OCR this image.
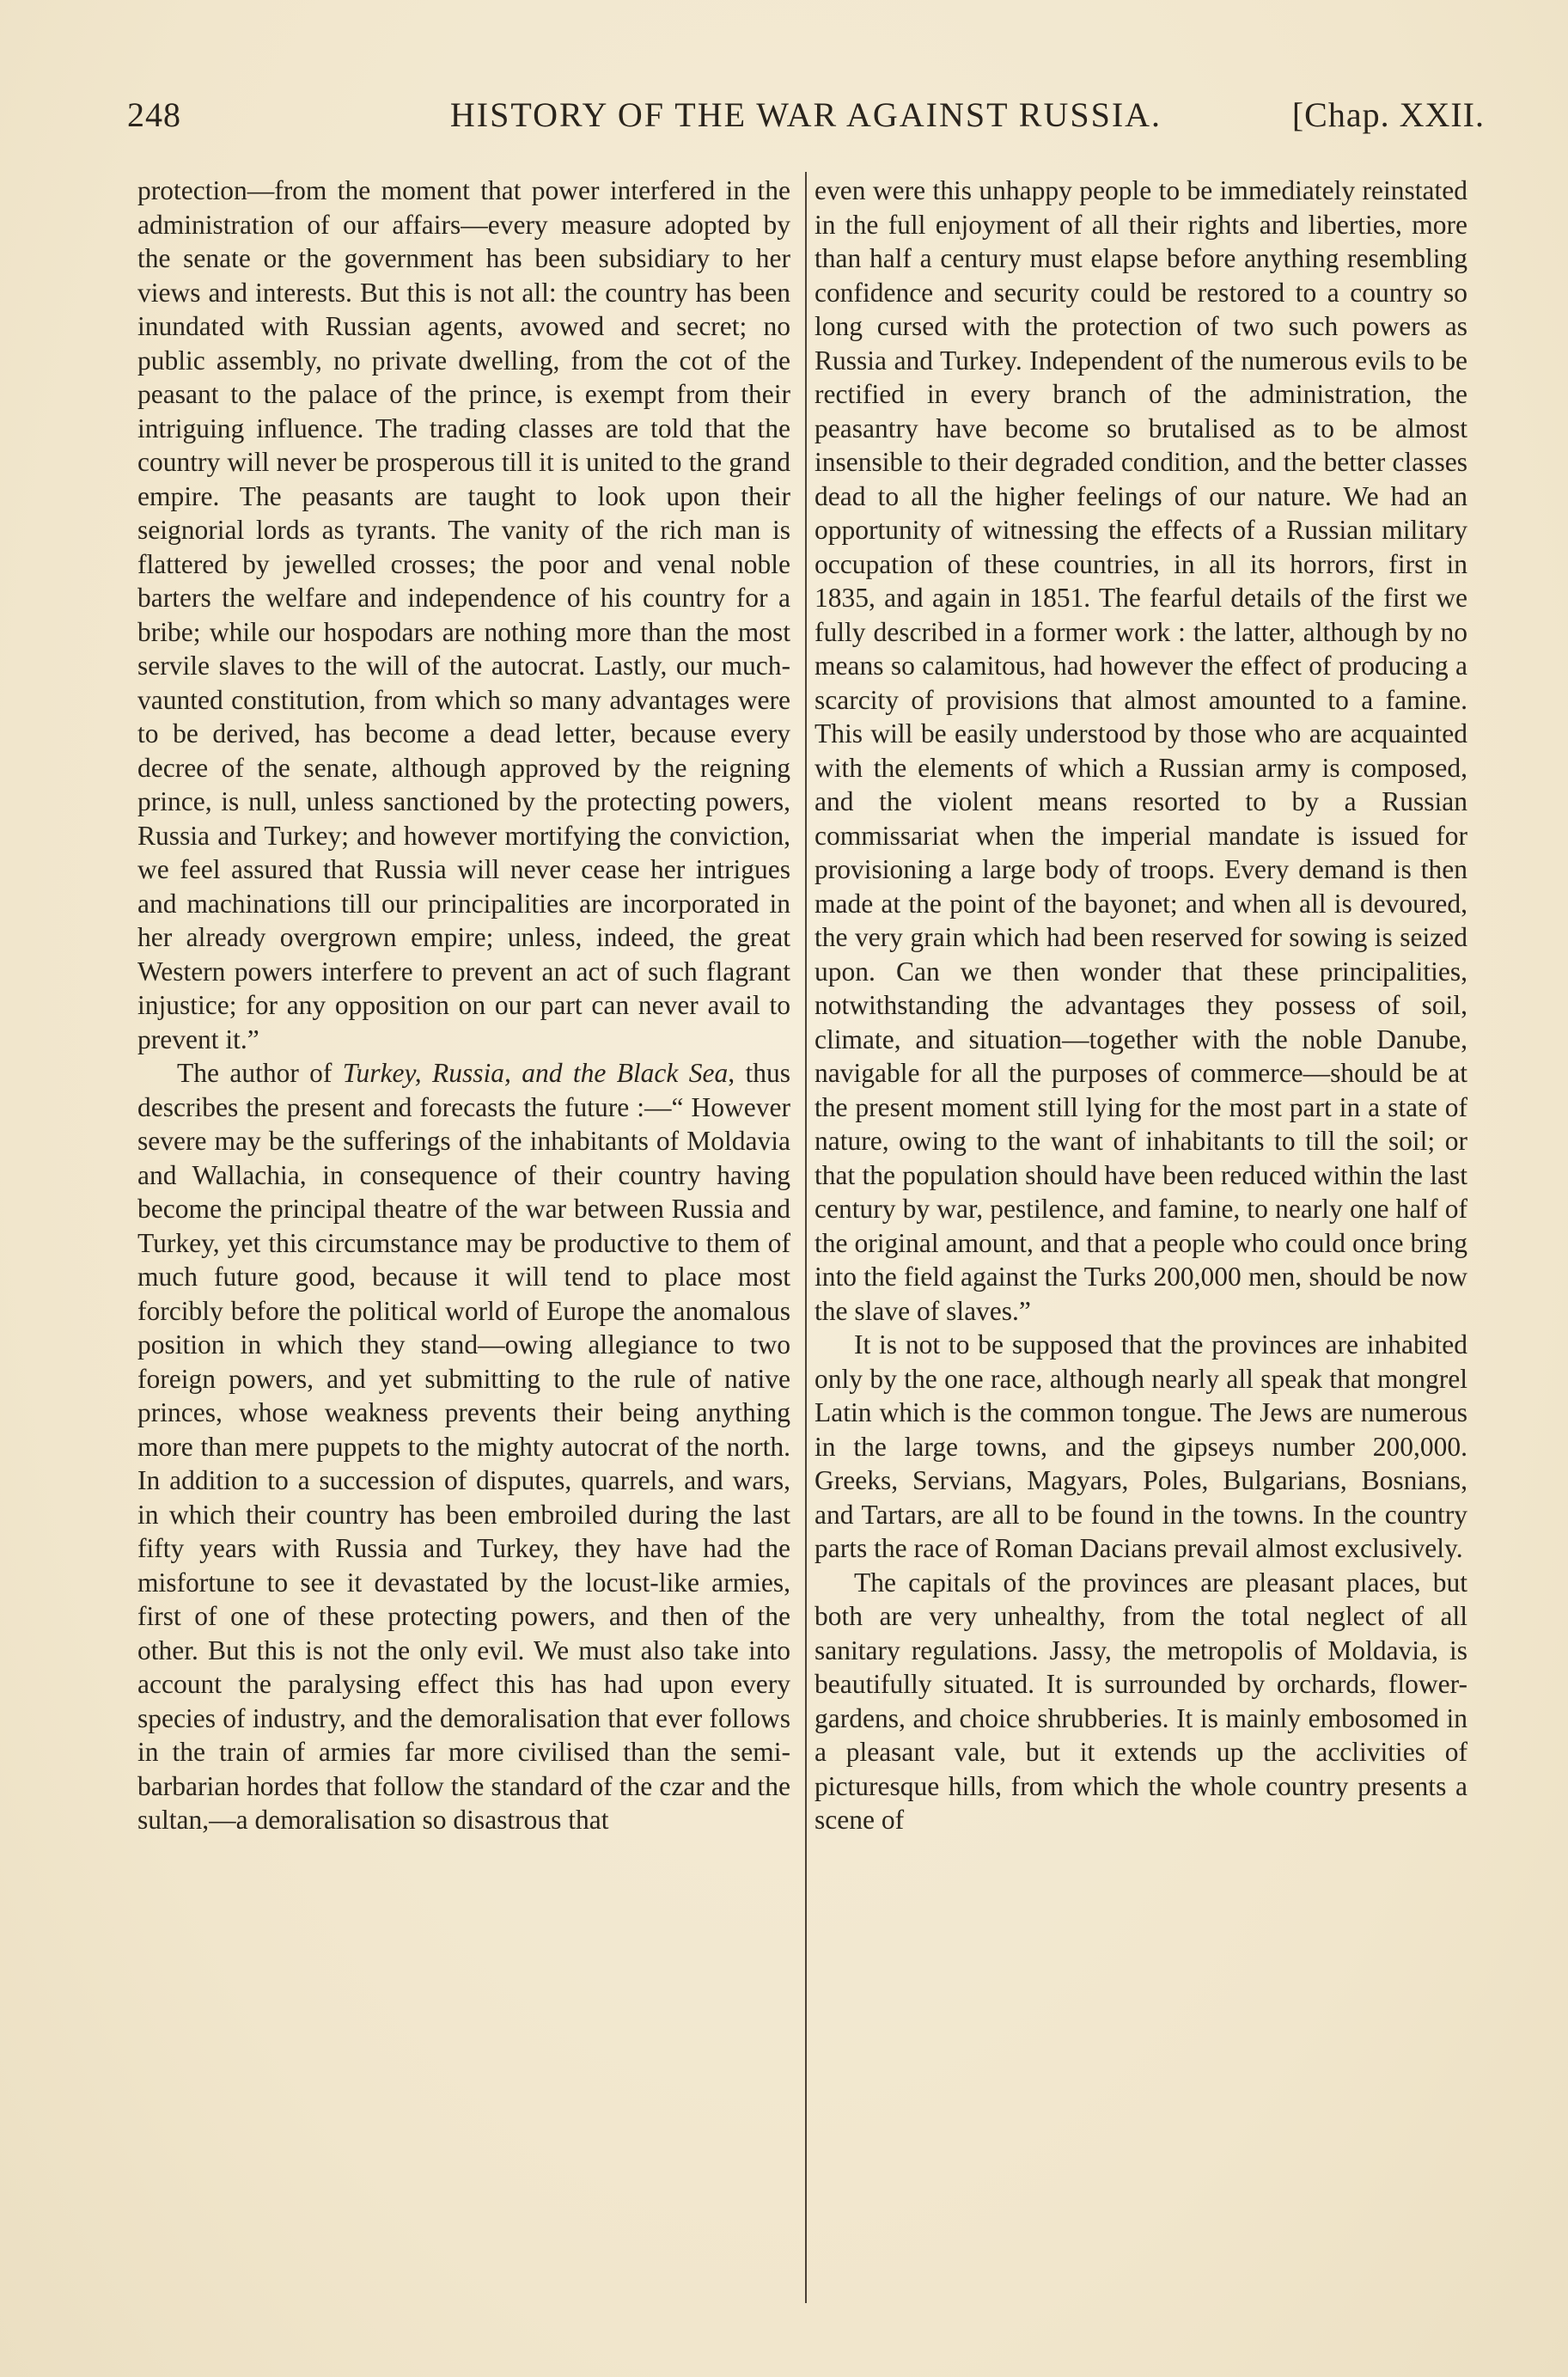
248	HISTORY OF THE WAR AGAINST RUSSIA.	[Chap. XXII.

protection—from the moment that power interfered in the administration of our affairs—every measure adopted by the senate or the government has been subsidiary to her views and interests. But this is not all: the country has been inundated with Russian agents, avowed and secret; no public assembly, no private dwelling, from the cot of the peasant to the palace of the prince, is exempt from their intriguing influence. The trading classes are told that the country will never be prosperous till it is united to the grand empire. The peasants are taught to look upon their seignorial lords as tyrants. The vanity of the rich man is flattered by jewelled crosses; the poor and venal noble barters the welfare and independence of his country for a bribe; while our hospodars are nothing more than the most servile slaves to the will of the autocrat. Lastly, our much-vaunted constitution, from which so many advantages were to be derived, has become a dead letter, because every decree of the senate, although approved by the reigning prince, is null, unless sanctioned by the protecting powers, Russia and Turkey; and however mortifying the conviction, we feel assured that Russia will never cease her intrigues and machinations till our principalities are incorporated in her already overgrown empire; unless, indeed, the great Western powers interfere to prevent an act of such flagrant injustice; for any opposition on our part can never avail to prevent it.”

The author of Turkey, Russia, and the Black Sea, thus describes the present and forecasts the future :—“ However severe may be the sufferings of the inhabitants of Moldavia and Wallachia, in consequence of their country having become the principal theatre of the war between Russia and Turkey, yet this circumstance may be productive to them of much future good, because it will tend to place most forcibly before the political world of Europe the anomalous position in which they stand—owing allegiance to two foreign powers, and yet submitting to the rule of native princes, whose weakness prevents their being anything more than mere puppets to the mighty autocrat of the north. In addition to a succession of disputes, quarrels, and wars, in which their country has been embroiled during the last fifty years with Russia and Turkey, they have had the misfortune to see it devastated by the locust-like armies, first of one of these protecting powers, and then of the other. But this is not the only evil. We must also take into account the paralysing effect this has had upon every species of industry, and the demoralisation that ever follows in the train of armies far more civilised than the semi-barbarian hordes that follow the standard of the czar and the sultan,—a demoralisation so disastrous that

even were this unhappy people to be immediately reinstated in the full enjoyment of all their rights and liberties, more than half a century must elapse before anything resembling confidence and security could be restored to a country so long cursed with the protection of two such powers as Russia and Turkey. Independent of the numerous evils to be rectified in every branch of the administration, the peasantry have become so brutalised as to be almost insensible to their degraded condition, and the better classes dead to all the higher feelings of our nature. We had an opportunity of witnessing the effects of a Russian military occupation of these countries, in all its horrors, first in 1835, and again in 1851. The fearful details of the first we fully described in a former work : the latter, although by no means so calamitous, had however the effect of producing a scarcity of provisions that almost amounted to a famine. This will be easily understood by those who are acquainted with the elements of which a Russian army is composed, and the violent means resorted to by a Russian commissariat when the imperial mandate is issued for provisioning a large body of troops. Every demand is then made at the point of the bayonet; and when all is devoured, the very grain which had been reserved for sowing is seized upon. Can we then wonder that these principalities, notwithstanding the advantages they possess of soil, climate, and situation—together with the noble Danube, navigable for all the purposes of commerce—should be at the present moment still lying for the most part in a state of nature, owing to the want of inhabitants to till the soil; or that the population should have been reduced within the last century by war, pestilence, and famine, to nearly one half of the original amount, and that a people who could once bring into the field against the Turks 200,000 men, should be now the slave of slaves.”

It is not to be supposed that the provinces are inhabited only by the one race, although nearly all speak that mongrel Latin which is the common tongue. The Jews are numerous in the large towns, and the gipseys number 200,000. Greeks, Servians, Magyars, Poles, Bulgarians, Bosnians, and Tartars, are all to be found in the towns. In the country parts the race of Roman Dacians prevail almost exclusively.

The capitals of the provinces are pleasant places, but both are very unhealthy, from the total neglect of all sanitary regulations. Jassy, the metropolis of Moldavia, is beautifully situated. It is surrounded by orchards, flower-gardens, and choice shrubberies. It is mainly embosomed in a pleasant vale, but it extends up the acclivities of picturesque hills, from which the whole country presents a scene of
